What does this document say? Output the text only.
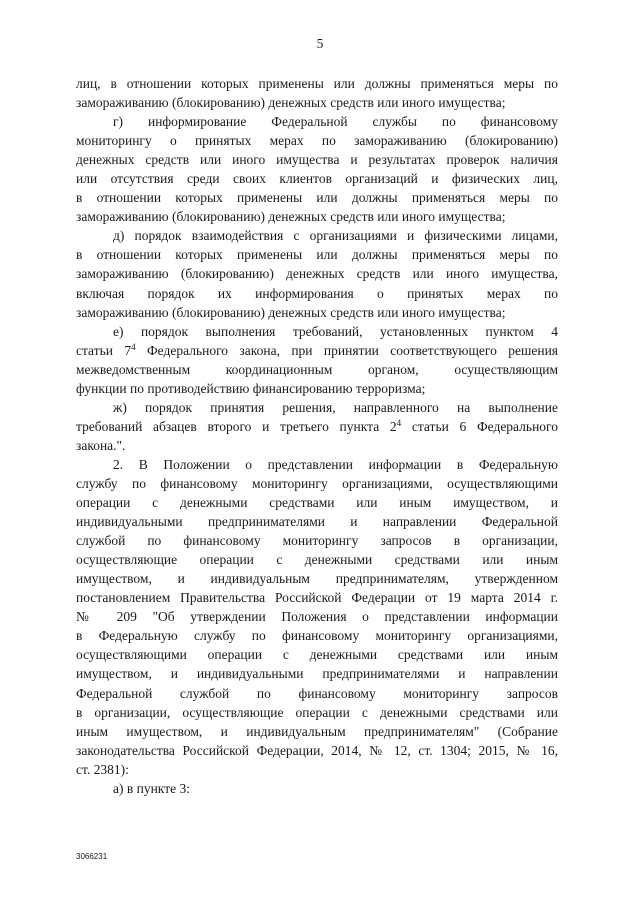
5

лиц, в отношении которых применены или должны применяться меры по
замораживанию (блокированию) денежных средств или иного имущества;

г) информирование Федеральной службы по финансовому
мониторингу о принятых мерах по замораживанию (блокированию)
денежных средств или иного имущества и результатах проверок наличия
или отсутствия среди своих клиентов организаций и физических лиц,
в отношении которых применены или должны применяться меры по
замораживанию (блокированию) денежных средств или иного имущества;

д) порядок взаимодействия с организациями и физическими лицами,
в отношении которых применены или должны применяться меры по
замораживанию (блокированию) денежных средств или иного имущества,
включая порядок их информирования о принятых мерах по
замораживанию (блокированию) денежных средств или иного имущества;

е) порядок выполнения требований, установленных пунктом 4
статьи $7^4$ Федерального закона, при принятии соответствующего решения
межведомственным координационным органом, осуществляющим
функции по противодействию финансированию терроризма;

ж) порядок принятия решения, направленного на выполнение
требований абзацев второго и третьего пункта $2^4$ статьи 6 Федерального
закона.".

2. В Положении о представлении информации в Федеральную
службу по финансовому мониторингу организациями, осуществляющими
операции с денежными средствами или иным имуществом, и
индивидуальными предпринимателями и направлении Федеральной
службой по финансовому мониторингу запросов в организации,
осуществляющие операции с денежными средствами или иным
имуществом, и индивидуальным предпринимателям, утвержденном
постановлением Правительства Российской Федерации от 19 марта 2014 г.
№ 209 "Об утверждении Положения о представлении информации
в Федеральную службу по финансовому мониторингу организациями,
осуществляющими операции с денежными средствами или иным
имуществом, и индивидуальными предпринимателями и направлении
Федеральной службой по финансовому мониторингу запросов
в организации, осуществляющие операции с денежными средствами или
иным имуществом, и индивидуальным предпринимателям" (Собрание
законодательства Российской Федерации, 2014, № 12, ст. 1304; 2015, № 16,
ст. 2381):

а) в пункте 3:

3066231
